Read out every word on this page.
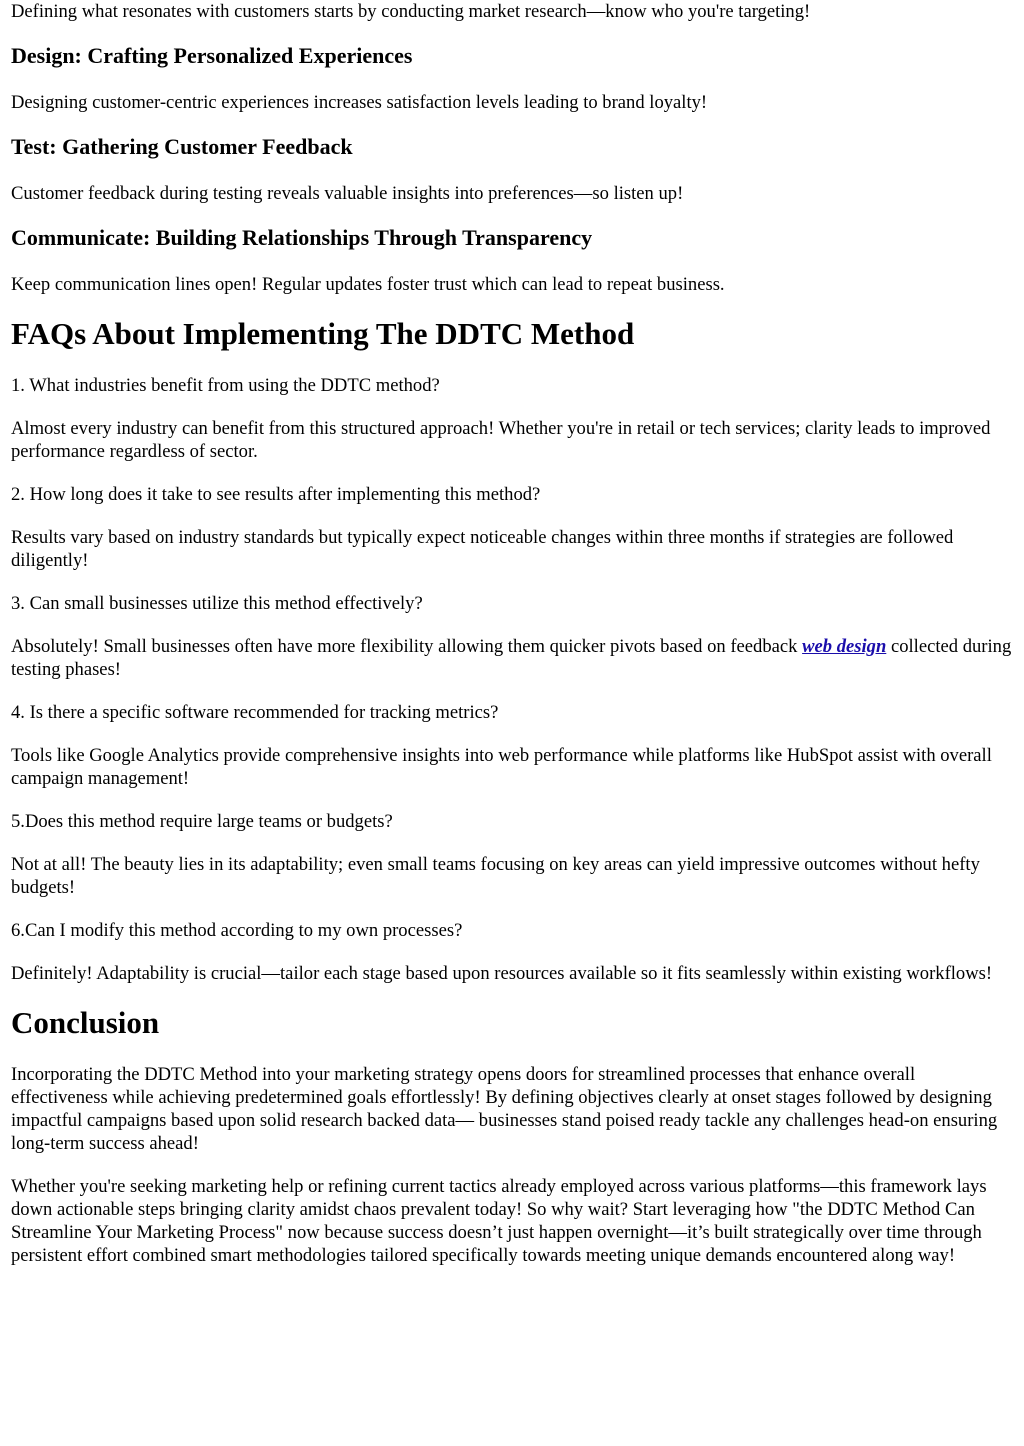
Defining what resonates with customers starts by conducting market research—know who you're targeting!

Design: Crafting Personalized Experiences

Designing customer-centric experiences increases satisfaction levels leading to brand loyalty!

Test: Gathering Customer Feedback

Customer feedback during testing reveals valuable insights into preferences—so listen up!

Communicate: Building Relationships Through Transparency

Keep communication lines open! Regular updates foster trust which can lead to repeat business.

FAQs About Implementing The DDTC Method

1. What industries benefit from using the DDTC method?

Almost every industry can benefit from this structured approach! Whether you're in retail or tech services; clarity leads to improved performance regardless of sector.

2. How long does it take to see results after implementing this method?

Results vary based on industry standards but typically expect noticeable changes within three months if strategies are followed diligently!

3. Can small businesses utilize this method effectively?

Absolutely! Small businesses often have more flexibility allowing them quicker pivots based on feedback web design collected during testing phases!

4. Is there a specific software recommended for tracking metrics?

Tools like Google Analytics provide comprehensive insights into web performance while platforms like HubSpot assist with overall campaign management!

5.Does this method require large teams or budgets?

Not at all! The beauty lies in its adaptability; even small teams focusing on key areas can yield impressive outcomes without hefty budgets!

6.Can I modify this method according to my own processes?

Definitely! Adaptability is crucial—tailor each stage based upon resources available so it fits seamlessly within existing workflows!

Conclusion

Incorporating the DDTC Method into your marketing strategy opens doors for streamlined processes that enhance overall effectiveness while achieving predetermined goals effortlessly! By defining objectives clearly at onset stages followed by designing impactful campaigns based upon solid research backed data— businesses stand poised ready tackle any challenges head-on ensuring long-term success ahead!

Whether you're seeking marketing help or refining current tactics already employed across various platforms—this framework lays down actionable steps bringing clarity amidst chaos prevalent today! So why wait? Start leveraging how "the DDTC Method Can Streamline Your Marketing Process" now because success doesn’t just happen overnight—it’s built strategically over time through persistent effort combined smart methodologies tailored specifically towards meeting unique demands encountered along way!
